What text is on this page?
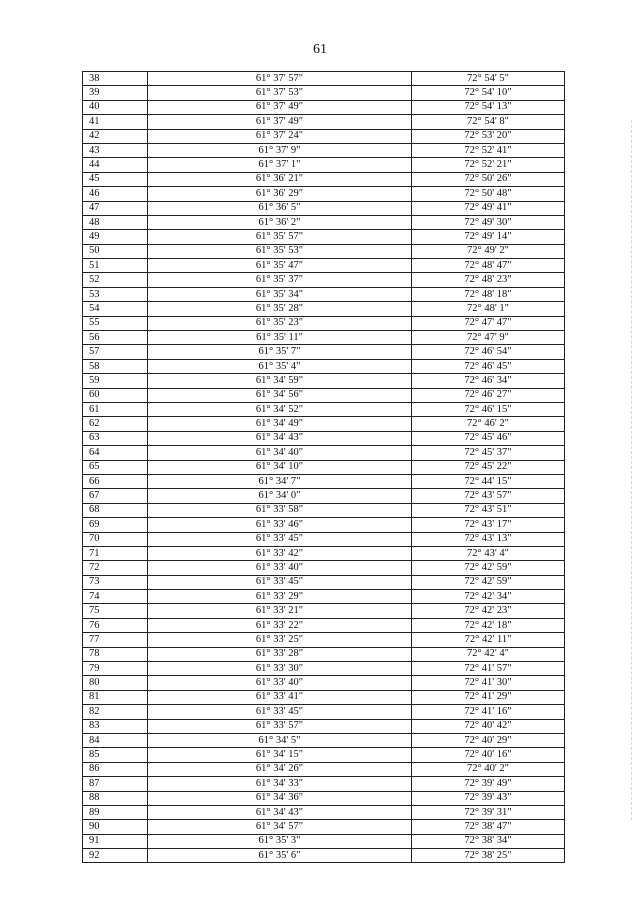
61
38	61° 37' 57"	72° 54' 5"
39	61° 37' 53"	72° 54' 10"
40	61° 37' 49"	72° 54' 13"
41	61° 37' 49"	72° 54' 8"
42	61° 37' 24"	72° 53' 20"
43	61° 37' 9"	72° 52' 41"
44	61° 37' 1"	72° 52' 21"
45	61° 36' 21"	72° 50' 26"
46	61° 36' 29"	72° 50' 48"
47	61° 36' 5"	72° 49' 41"
48	61° 36' 2"	72° 49' 30"
49	61° 35' 57"	72° 49' 14"
50	61° 35' 53"	72° 49' 2"
51	61° 35' 47"	72° 48' 47"
52	61° 35' 37"	72° 48' 23"
53	61° 35' 34"	72° 48' 18"
54	61° 35' 28"	72° 48' 1"
55	61° 35' 23"	72° 47' 47"
56	61° 35' 11"	72° 47' 9"
57	61° 35' 7"	72° 46' 54"
58	61° 35' 4"	72° 46' 45"
59	61° 34' 59"	72° 46' 34"
60	61° 34' 56"	72° 46' 27"
61	61° 34' 52"	72° 46' 15"
62	61° 34' 49"	72° 46' 2"
63	61° 34' 43"	72° 45' 46"
64	61° 34' 40"	72° 45' 37"
65	61° 34' 10"	72° 45' 22"
66	61° 34' 7"	72° 44' 15"
67	61° 34' 0"	72° 43' 57"
68	61° 33' 58"	72° 43' 51"
69	61° 33' 46"	72° 43' 17"
70	61° 33' 45"	72° 43' 13"
71	61° 33' 42"	72° 43' 4"
72	61° 33' 40"	72° 42' 59"
73	61° 33' 45"	72° 42' 59"
74	61° 33' 29"	72° 42' 34"
75	61° 33' 21"	72° 42' 23"
76	61° 33' 22"	72° 42' 18"
77	61° 33' 25"	72° 42' 11"
78	61° 33' 28"	72° 42' 4"
79	61° 33' 30"	72° 41' 57"
80	61° 33' 40"	72° 41' 30"
81	61° 33' 41"	72° 41' 29"
82	61° 33' 45"	72° 41' 16"
83	61° 33' 57"	72° 40' 42"
84	61° 34' 5"	72° 40' 29"
85	61° 34' 15"	72° 40' 16"
86	61° 34' 26"	72° 40' 2"
87	61° 34' 33"	72° 39' 49"
88	61° 34' 36"	72° 39' 43"
89	61° 34' 43"	72° 39' 31"
90	61° 34' 57"	72° 38' 47"
91	61° 35' 3"	72° 38' 34"
92	61° 35' 6"	72° 38' 25"
